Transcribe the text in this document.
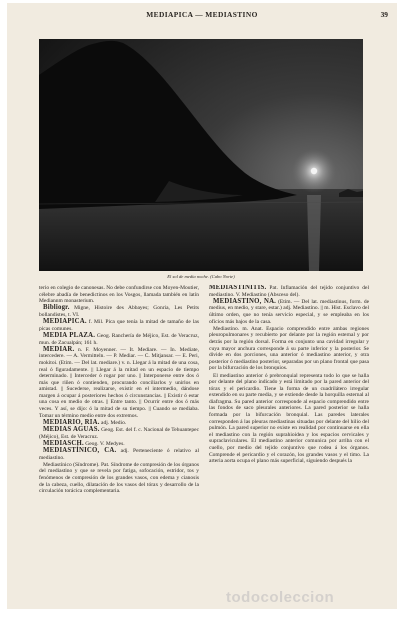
MEDIAPICA — MEDIASTINO	39
El sol de media noche. (Cabo Norte)

terio en colegio de canonesas. No debe confundirse con Moyen-Moutier, célebre abadía de benedictinos en los Vosgos, llamada también en latín Mediannm monasterium.

Bibliogr. Migne, Histoire des Abbayes; Gonria, Les Petits bollandistes, t. VI.

MEDIAPICA. f. Mil. Pica que tenía la mitad de tamaño de las picas comunes.

MEDIA PLAZA. Geog. Ranchería de Méjico, Est. de Veracruz, mun. de Zacualpán; 161 h.

MEDIAR. n. F. Moyenner. — It. Mediare. — In. Mediate, intercedere. — A. Vermitteln. — P. Mediar. — C. Mitjansar. — E. Peri, mokitoi. (Etim. — Del lat. mediare.) v. n. Llegar á la mitad de una cosa, real ó figuradamente. || Llegar á la mitad en un espacio de tiempo determinado. || Interceder ó rogar por uno. || Interponerse entre dos ó más que riñen ó contienden, procurando conciliarlos y unirlos en amistad. || Sucederse, realizarse, existir en el intermedio, dándose margen á ocupar á posteriores hechos ó circunstancias. || Existir ó estar una cosa en medio de otras. || Entre tanto. || Ocurrir entre dos ó más veces. Y así, se dijo: ó la mitad de su tiempo. || Cuando se mediaba. Tomar un término medio entre dos extremos.

MEDIARIO, RIA. adj. Medio.

MEDIAS AGUAS. Geog. Est. del f. c. Nacional de Tehuantepec (Méjico), Est. de Veracruz.

MEDIASCH. Geog. V. Medyes.

MEDIASTÍNICO, CA. adj. Perteneciente ó relativo al mediastino.

Mediastínico (Síndrome). Pat. Síndrome de compresión de los órganos del mediastino y que se revela por fatiga, sofocación, estridor, tos y fenómenos de compresión de los grandes vasos, con edema y cianosis de la cabeza, cuello, dilatación de los vasos del tórax y desarrollo de la circulación torácica complementaria.

MEDIASTINITIS. Pat. Inflamación del tejido conjuntivo del mediastino. V. Mediastino (Absceso del).

MEDIASTINO, NA. (Etim. — Del lat. mediastinus, form. de medius, en medio, y stare, estar.) adj. Mediastino. || m. Hist. Esclavo del último orden, que no tenía servicio especial, y se empleaba en los oficios más bajos de la casa.

Mediastino. m. Anat. Espacio comprendido entre ambas regiones pleuropulmonares y recubierto por delante por la región esternal y por detrás por la región dorsal. Forma en conjunto una cavidad irregular y cuya mayor anchura corresponde á su parte inferior y la posterior. Se divide en dos porciones, una anterior ó mediastino anterior, y otra posterior ó mediastino posterior, separadas por un plano frontal que pasa por la bifurcación de los bronquios.

El mediastino anterior ó prebronquial representa todo lo que se halla por delante del plano indicado y está limitado por la pared anterior del tórax y el pericardio. Tiene la forma de un cuadrilátero irregular extendido en su parte media, y se extiende desde la horquilla esternal al diafragma. Su pared anterior corresponde al espacio comprendido entre las fondos de saco pleurales anteriores. La pared posterior se halla formada por la bifurcación bronquial. Las paredes laterales corresponden á las pleuras mediastinas situadas por delante del hilio del pulmón. La pared superior no existe en realidad por continuarse en ella el mediastino con la región suprahioidea y los espacios cervicales y supraclaviculares. El mediastino anterior comunica por arriba con el cuello, por medio del tejido conjuntivo que rodea á los órganos. Comprende el pericardio y el corazón, los grandes vasos y el timo. La arteria aorta ocupa el plano más superficial, siguiendo después la

todocoleccion
